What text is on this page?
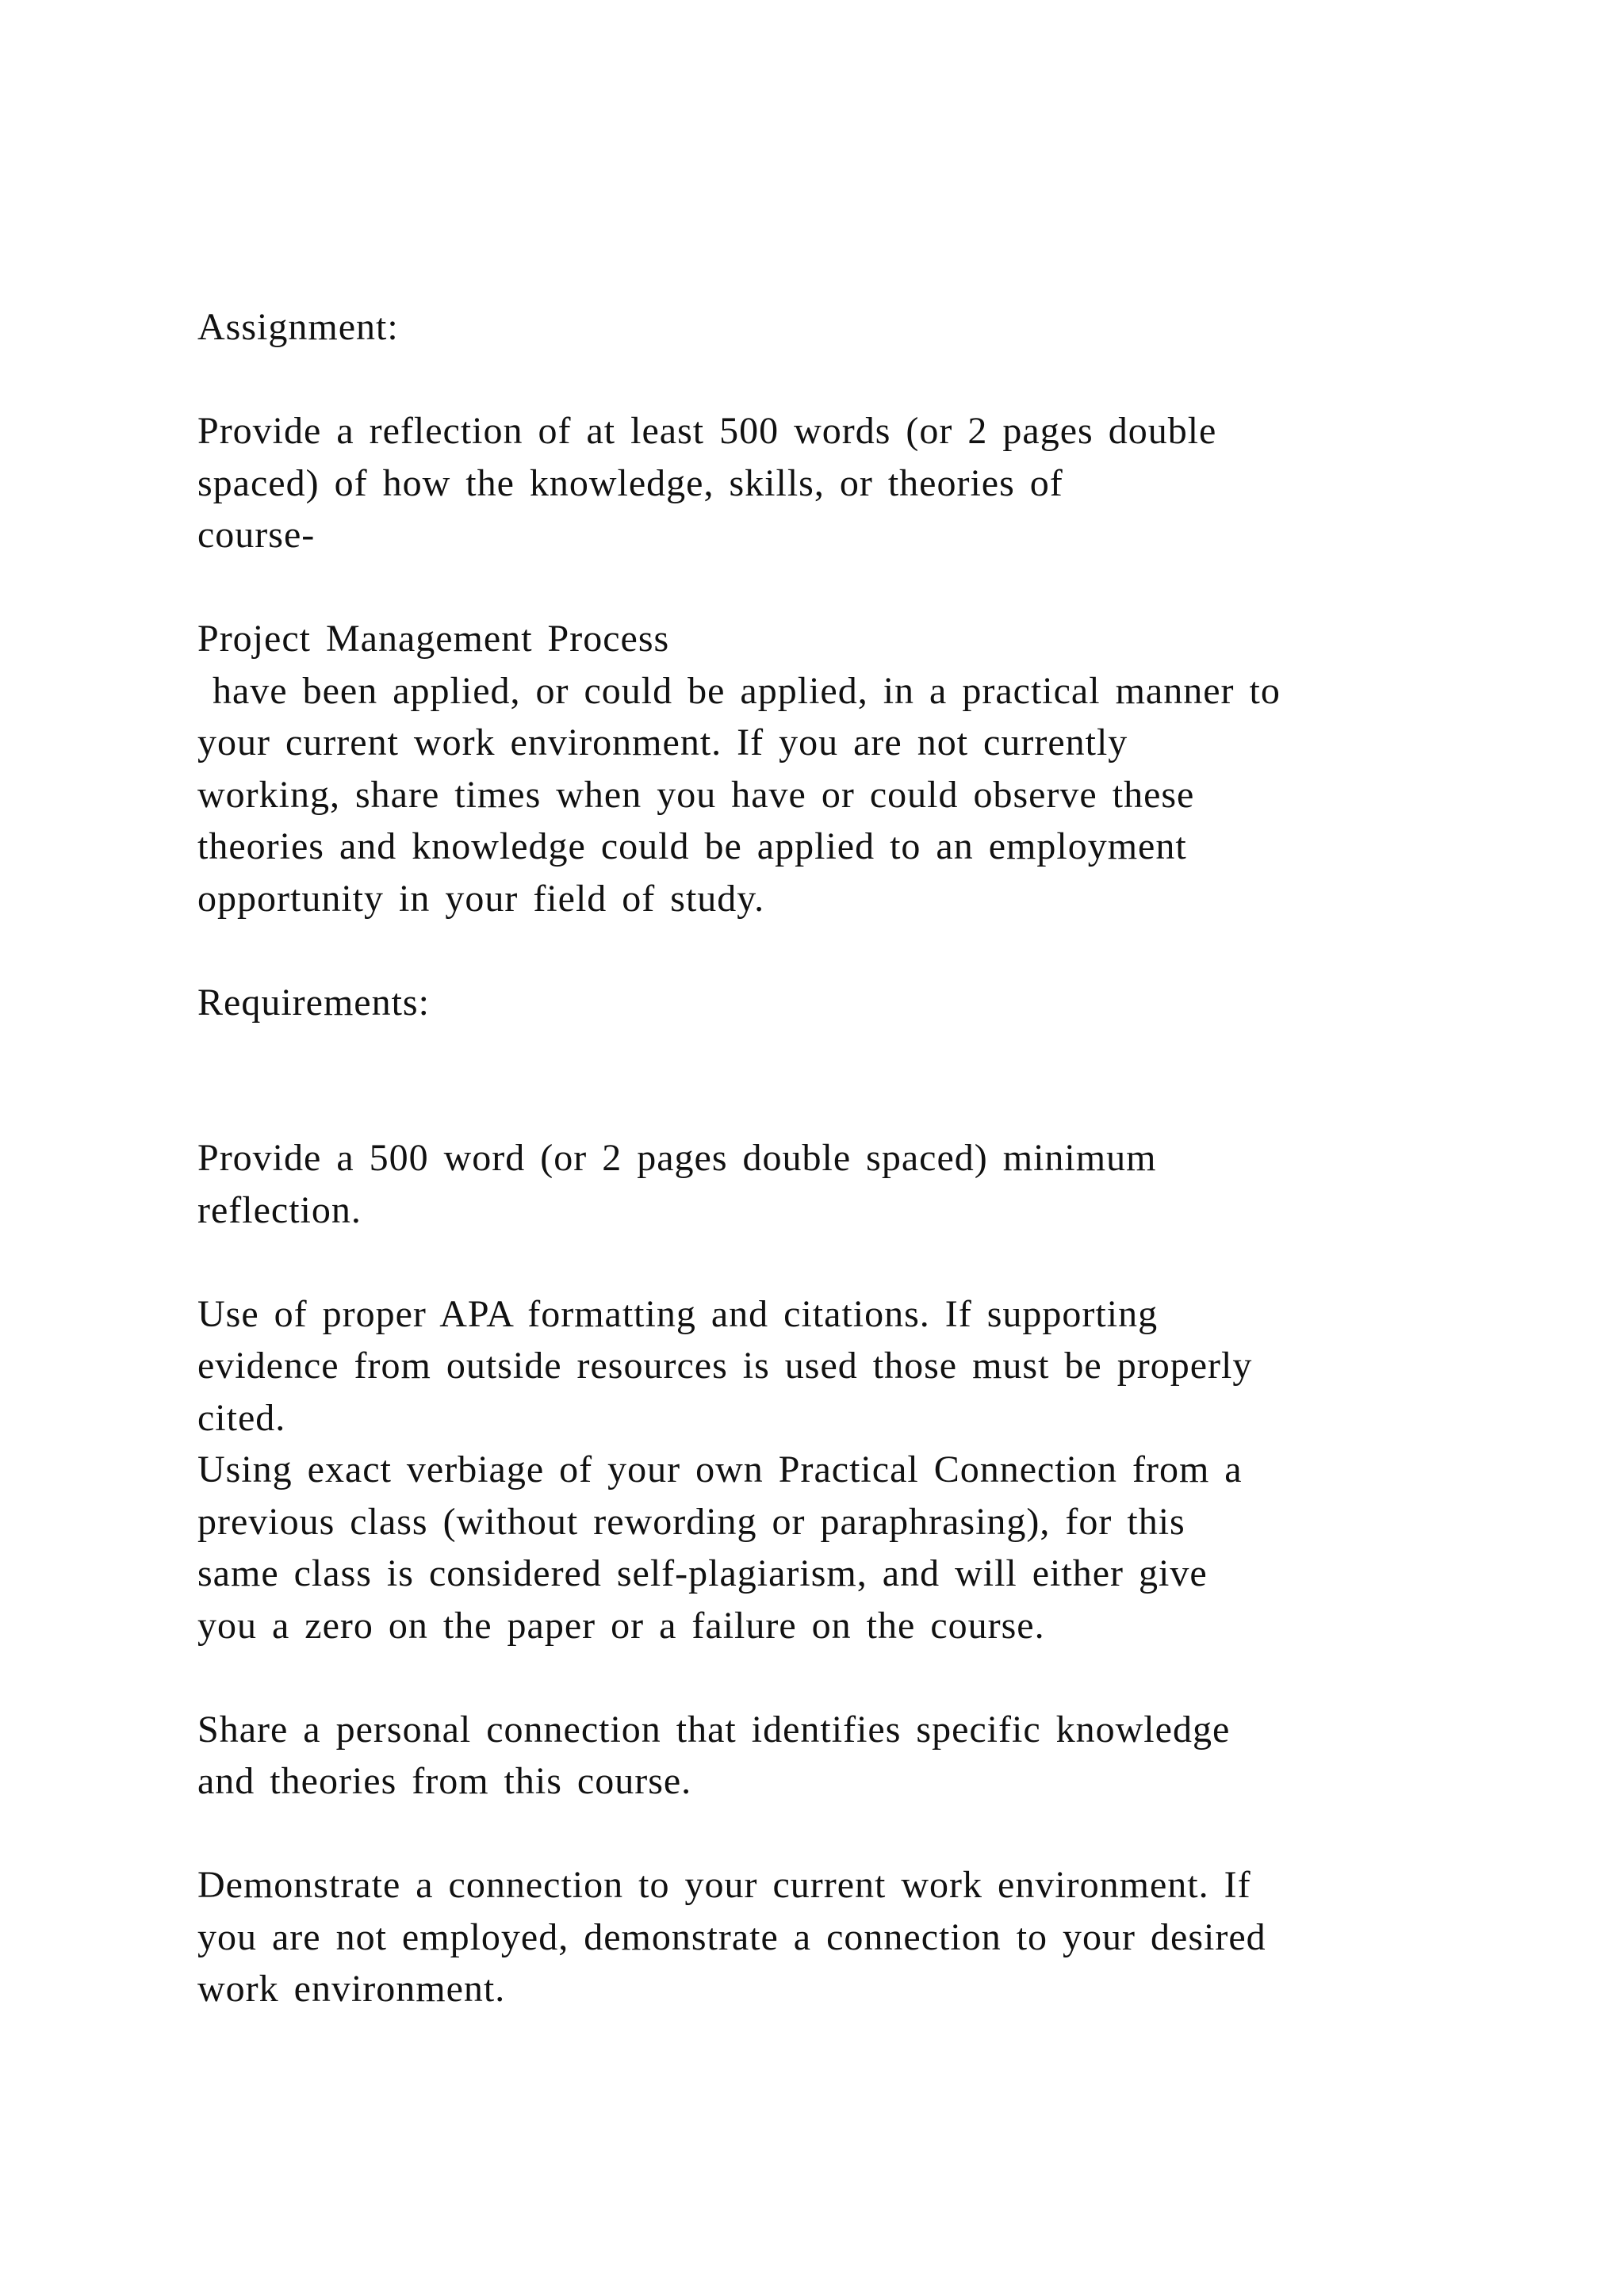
Assignment:
Provide a reflection of at least 500 words (or 2 pages double
spaced) of how the knowledge, skills, or theories of
course-
Project Management Process
have been applied, or could be applied, in a practical manner to
your current work environment. If you are not currently
working, share times when you have or could observe these
theories and knowledge could be applied to an employment
opportunity in your field of study.
Requirements:
Provide a 500 word (or 2 pages double spaced) minimum
reflection.
Use of proper APA formatting and citations. If supporting
evidence from outside resources is used those must be properly
cited.
Using exact verbiage of your own Practical Connection from a
previous class (without rewording or paraphrasing), for this
same class is considered self-plagiarism, and will either give
you a zero on the paper or a failure on the course.
Share a personal connection that identifies specific knowledge
and theories from this course.
Demonstrate a connection to your current work environment. If
you are not employed, demonstrate a connection to your desired
work environment.
